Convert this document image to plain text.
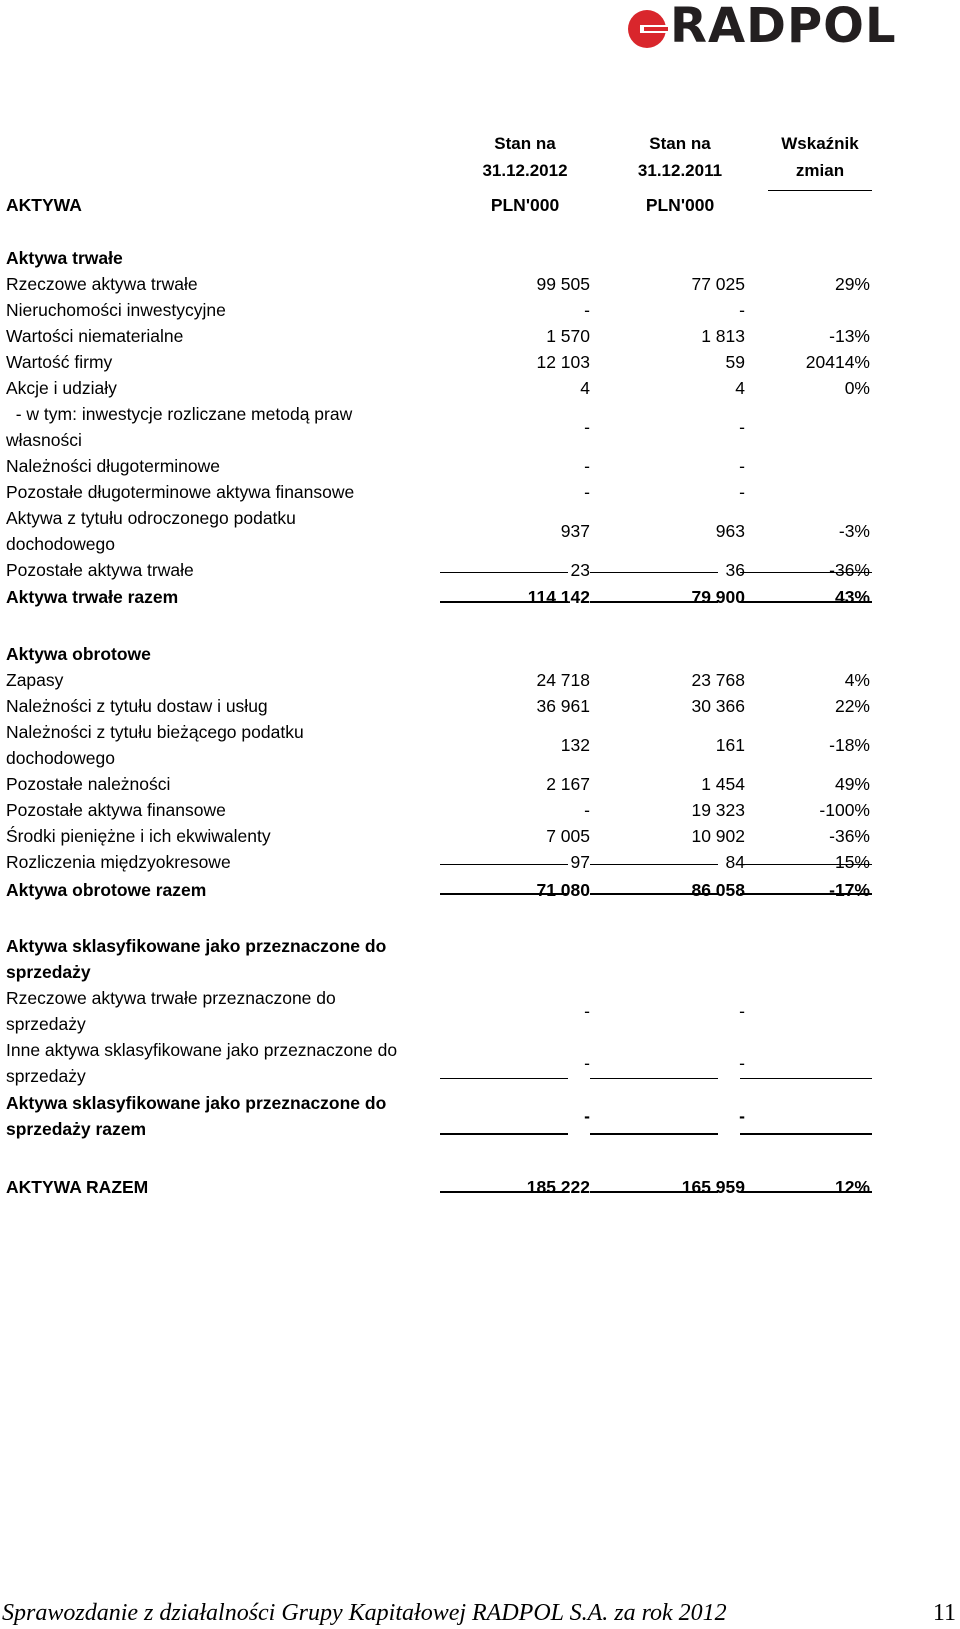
RADPOL
Stan na
31.12.2012
Stan na
31.12.2011
Wskaźnik
zmian
AKTYWA	PLN'000	PLN'000
Aktywa trwałe
Rzeczowe aktywa trwałe	99 505	77 025	29%
Nieruchomości inwestycyjne	-	-
Wartości niematerialne	1 570	1 813	-13%
Wartość firmy	12 103	59	20414%
Akcje i udziały	4	4	0%
- w tym: inwestycje rozliczane metodą praw
własności
-	-
Należności długoterminowe	-	-
Pozostałe długoterminowe aktywa finansowe	-	-
Aktywa z tytułu odroczonego podatku
dochodowego
937	963	-3%
Pozostałe aktywa trwałe	23	36	-36%
Aktywa trwałe razem	114 142	79 900	43%
Aktywa obrotowe
Zapasy	24 718	23 768	4%
Należności z tytułu dostaw i usług	36 961	30 366	22%
Należności z tytułu bieżącego podatku
dochodowego
132	161	-18%
Pozostałe należności	2 167	1 454	49%
Pozostałe aktywa finansowe	-	19 323	-100%
Środki pieniężne i ich ekwiwalenty	7 005	10 902	-36%
Rozliczenia międzyokresowe	97	84	15%
Aktywa obrotowe razem	71 080	86 058	-17%
Aktywa sklasyfikowane jako przeznaczone do
sprzedaży
Rzeczowe aktywa trwałe przeznaczone do
sprzedaży
-	-
Inne aktywa sklasyfikowane jako przeznaczone do
sprzedaży
-	-
Aktywa sklasyfikowane jako przeznaczone do
sprzedaży razem
-	-
AKTYWA RAZEM	185 222	165 959	12%
Sprawozdanie z działalności Grupy Kapitałowej RADPOL S.A. za rok 2012	11
